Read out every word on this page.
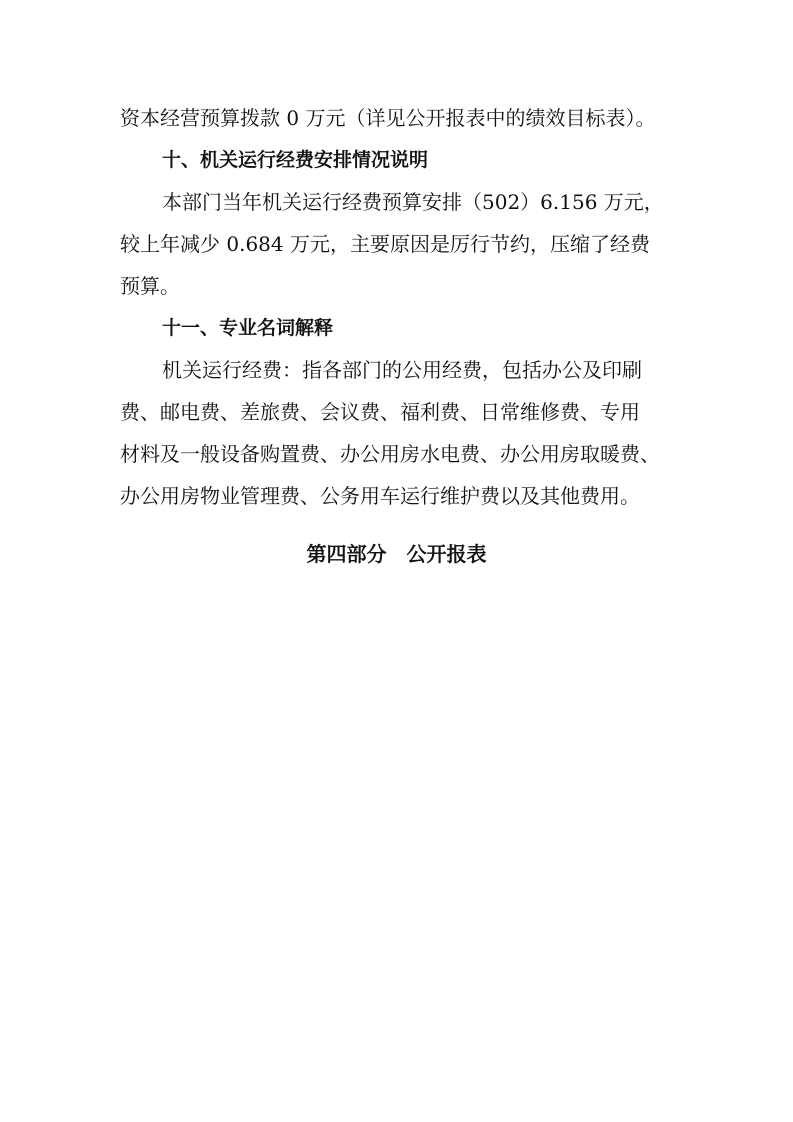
资本经营预算拨款 0 万元（详见公开报表中的绩效目标表）。
十、机关运行经费安排情况说明
本部门当年机关运行经费预算安排（502）6.156 万元，
较上年减少 0.684 万元，主要原因是厉行节约，压缩了经费
预算。
十一、专业名词解释
机关运行经费：指各部门的公用经费，包括办公及印刷
费、邮电费、差旅费、会议费、福利费、日常维修费、专用
材料及一般设备购置费、办公用房水电费、办公用房取暖费、
办公用房物业管理费、公务用车运行维护费以及其他费用。
第四部分　公开报表
